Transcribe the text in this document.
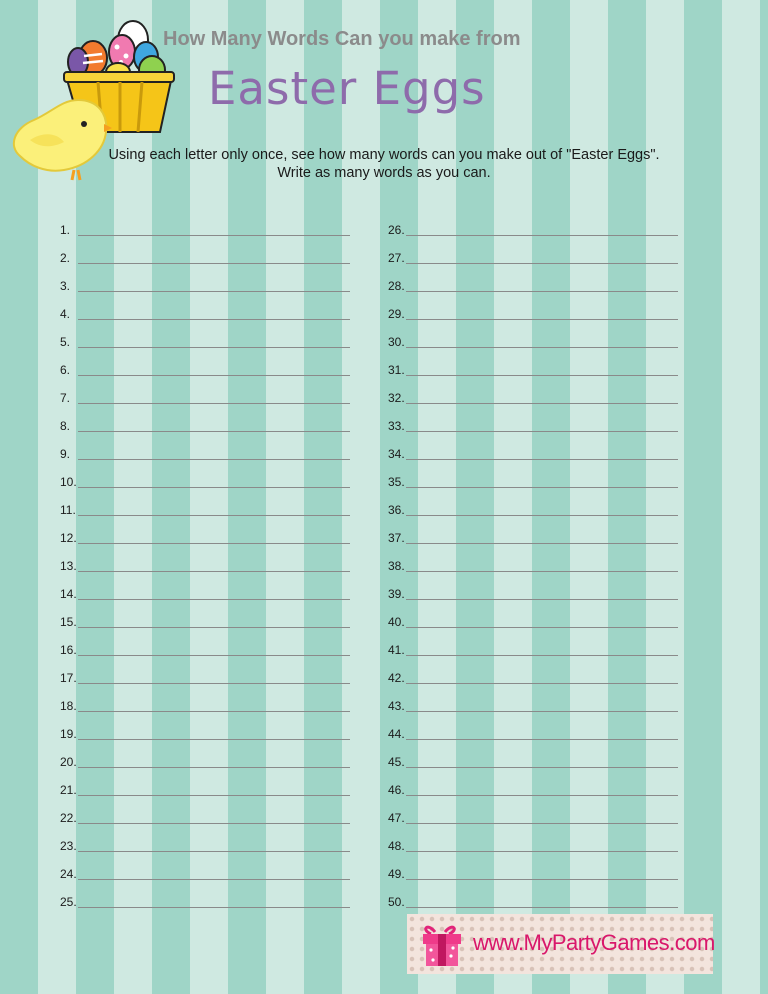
How Many Words Can you make from
Easter Eggs
Using each letter only once, see how many words can you make out of "Easter Eggs". Write as many words as you can.
1.
2.
3.
4.
5.
6.
7.
8.
9.
10.
11.
12.
13.
14.
15.
16.
17.
18.
19.
20.
21.
22.
23.
24.
25.
26.
27.
28.
29.
30.
31.
32.
33.
34.
35.
36.
37.
38.
39.
40.
41.
42.
43.
44.
45.
46.
47.
48.
49.
50.
www.MyPartyGames.com
